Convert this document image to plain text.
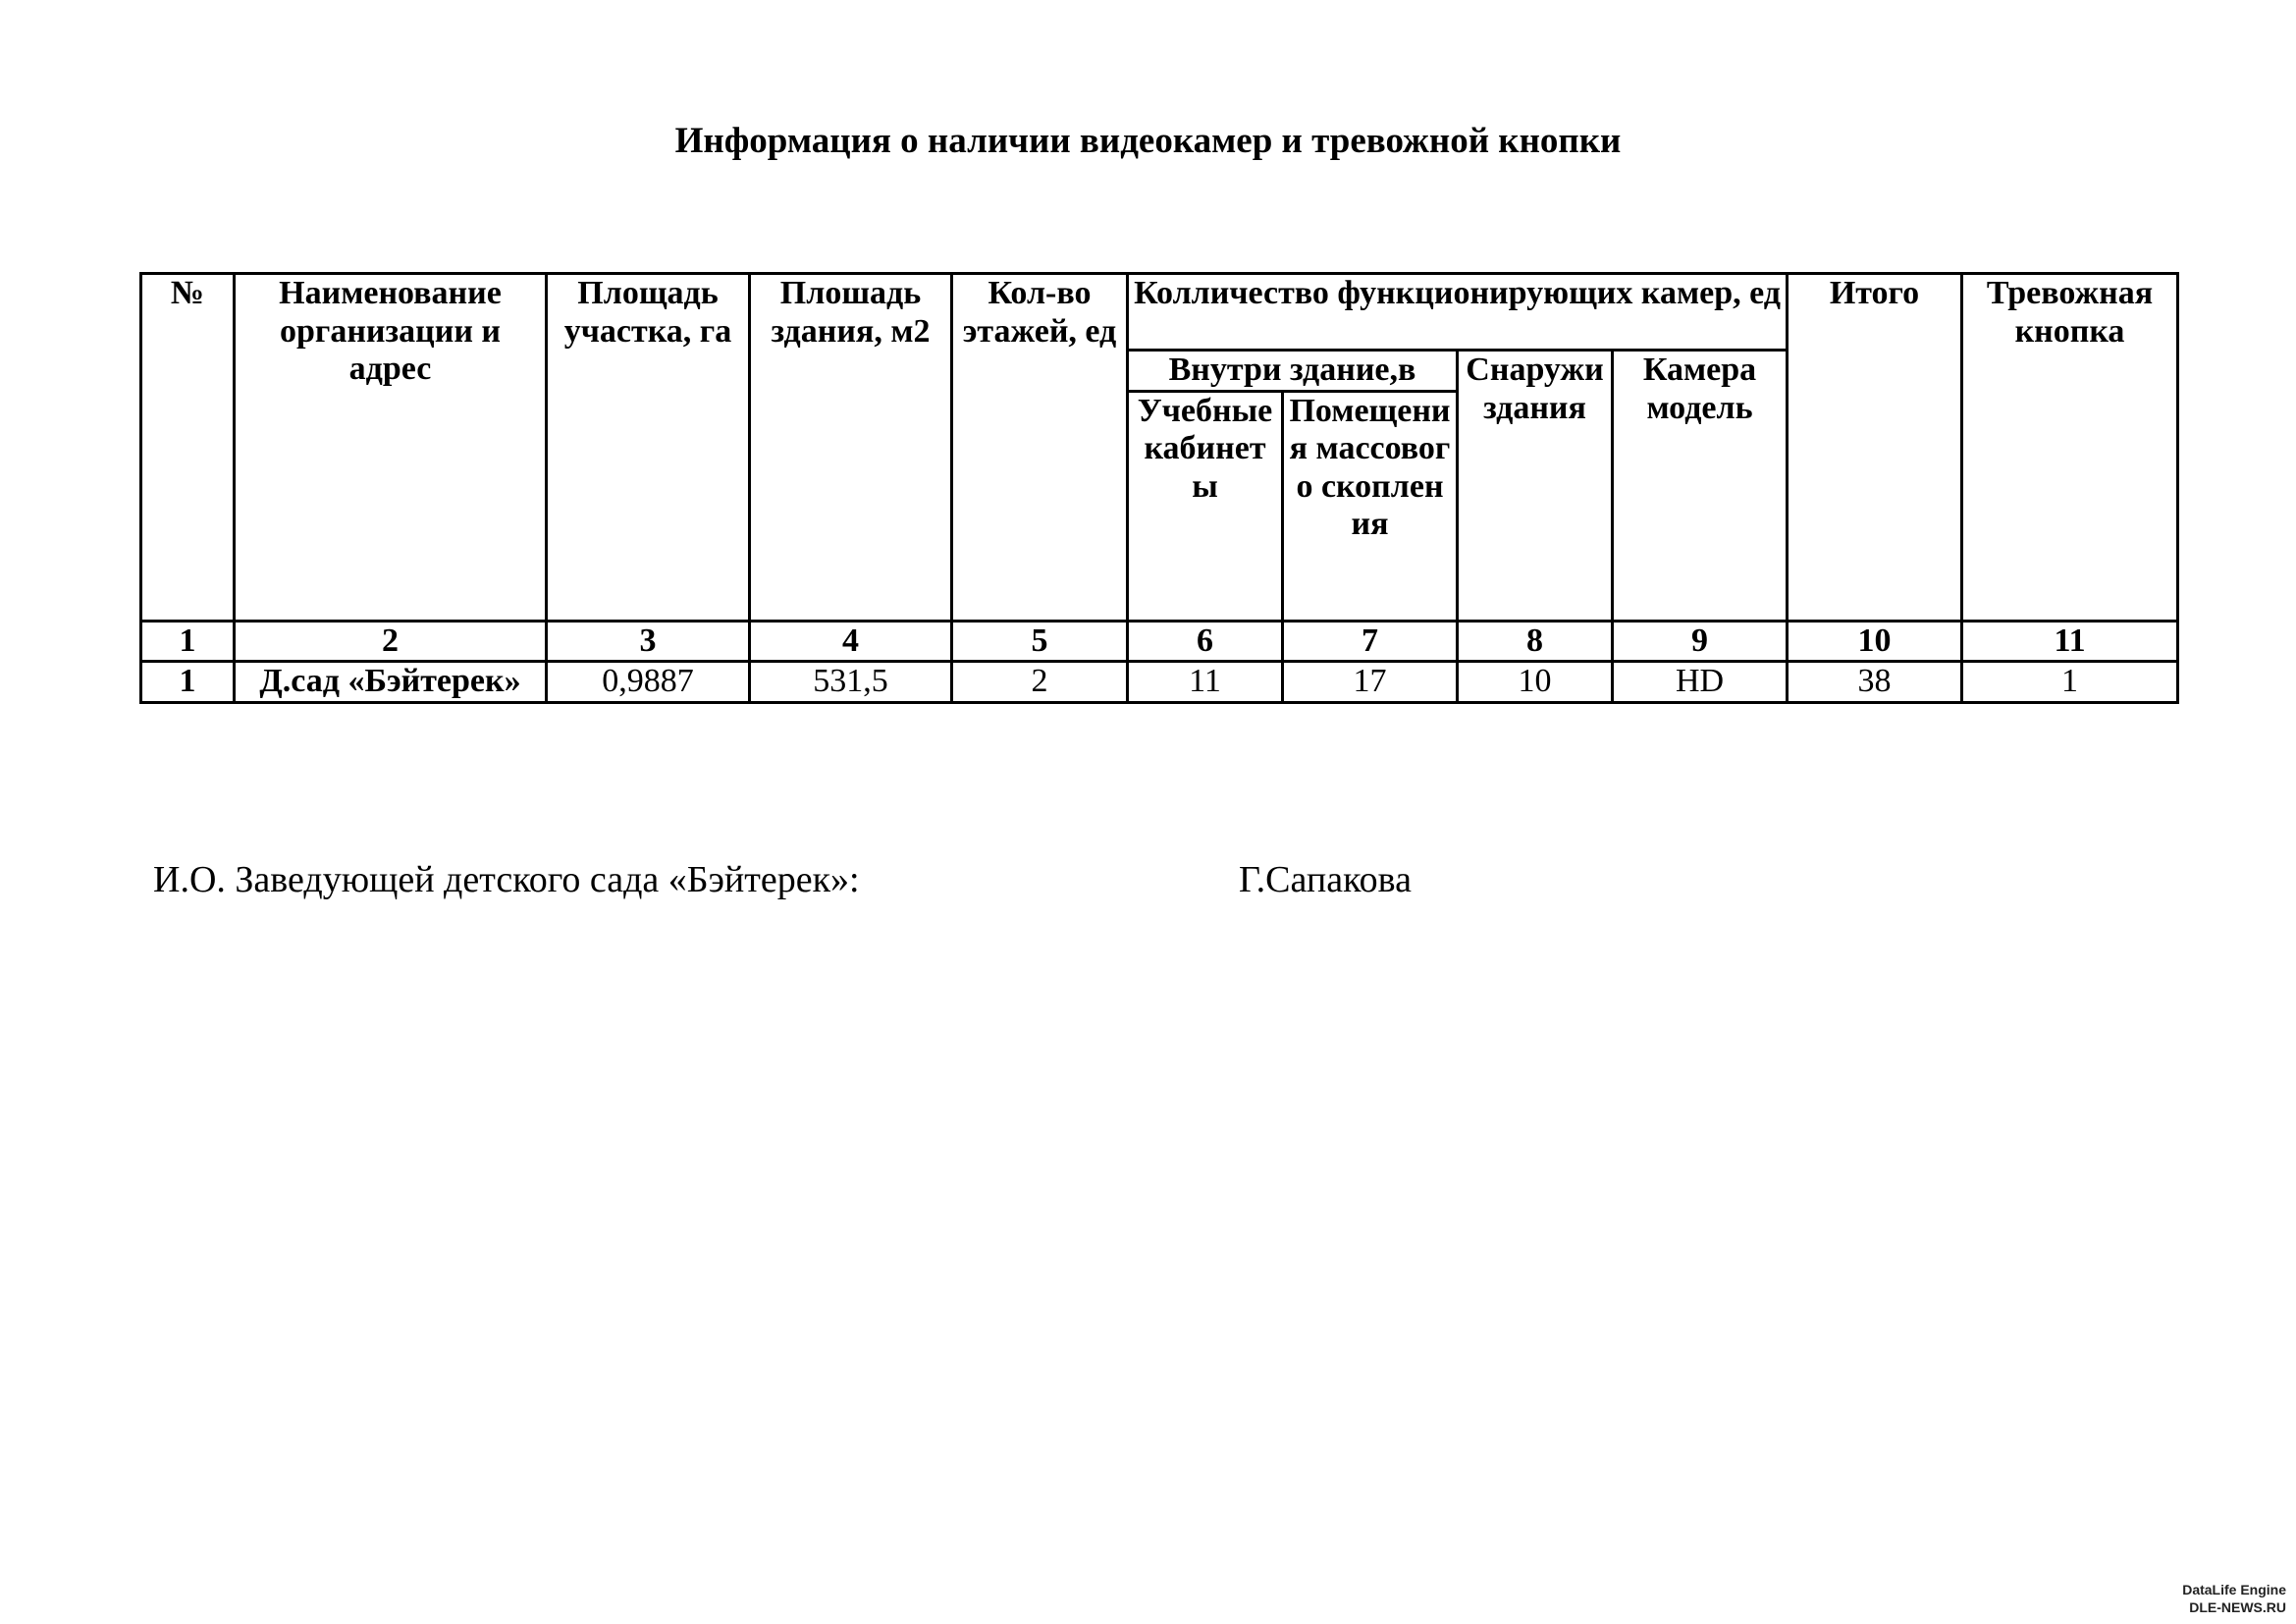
Информация о наличии видеокамер и тревожной кнопки
№	Наименование организации и адрес	Площадь участка, га	Плошадь здания, м2	Кол-во этажей, ед	Колличество функционирующих камер, ед				Итого	Тревожная кнопка
					Внутри здание,в		Снаружи здания	Камера модель		
					Учебные кабинеты	Помещения массового скопления				
1	2	3	4	5	6	7	8	9	10	11
1	Д.сад «Бэйтерек»	0,9887	531,5	2	11	17	10	HD	38	1
И.О. Заведующей детского сада «Бэйтерек»:	Г.Сапакова
DataLife Engine
DLE-NEWS.RU
